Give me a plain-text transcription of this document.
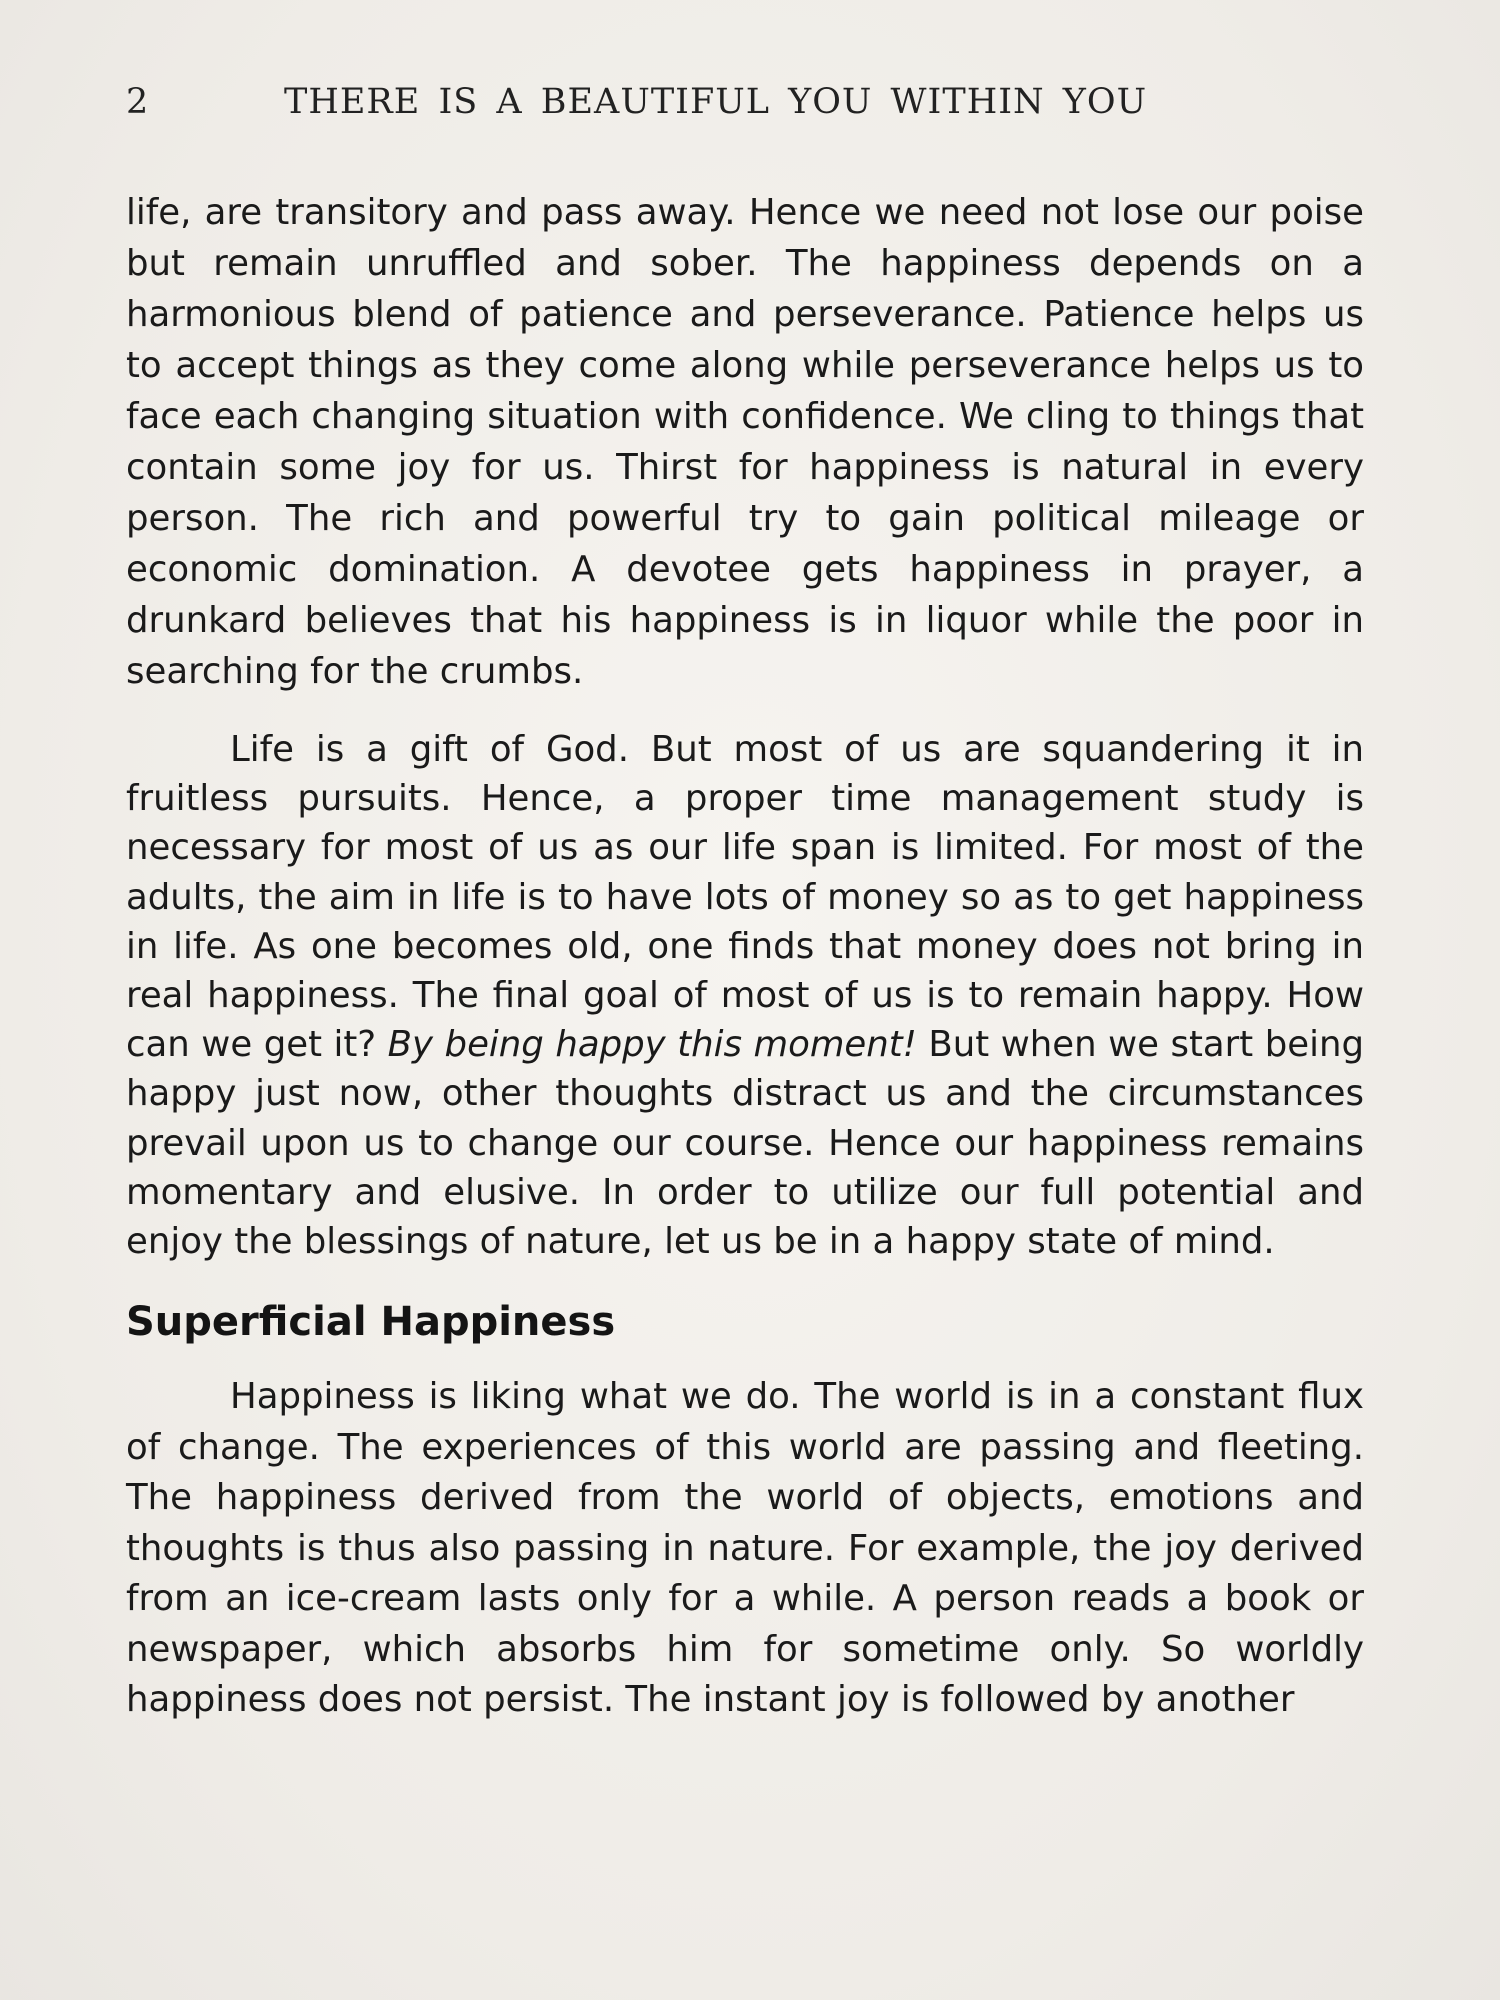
2	THERE IS A BEAUTIFUL YOU WITHIN YOU

life, are transitory and pass away. Hence we need not lose our poise but remain unruffled and sober. The happiness depends on a harmonious blend of patience and perseverance. Patience helps us to accept things as they come along while perseverance helps us to face each changing situation with confidence. We cling to things that contain some joy for us. Thirst for happiness is natural in every person. The rich and powerful try to gain political mileage or economic domination. A devotee gets happiness in prayer, a drunkard believes that his happiness is in liquor while the poor in searching for the crumbs.

Life is a gift of God. But most of us are squandering it in fruitless pursuits. Hence, a proper time management study is necessary for most of us as our life span is limited. For most of the adults, the aim in life is to have lots of money so as to get happiness in life. As one becomes old, one finds that money does not bring in real happiness. The final goal of most of us is to remain happy. How can we get it? By being happy this moment! But when we start being happy just now, other thoughts distract us and the circumstances prevail upon us to change our course. Hence our happiness remains momentary and elusive. In order to utilize our full potential and enjoy the blessings of nature, let us be in a happy state of mind.

Superficial Happiness

Happiness is liking what we do. The world is in a constant flux of change. The experiences of this world are passing and fleeting. The happiness derived from the world of objects, emotions and thoughts is thus also passing in nature. For example, the joy derived from an ice-cream lasts only for a while. A person reads a book or newspaper, which absorbs him for sometime only. So worldly happiness does not persist. The instant joy is followed by another
